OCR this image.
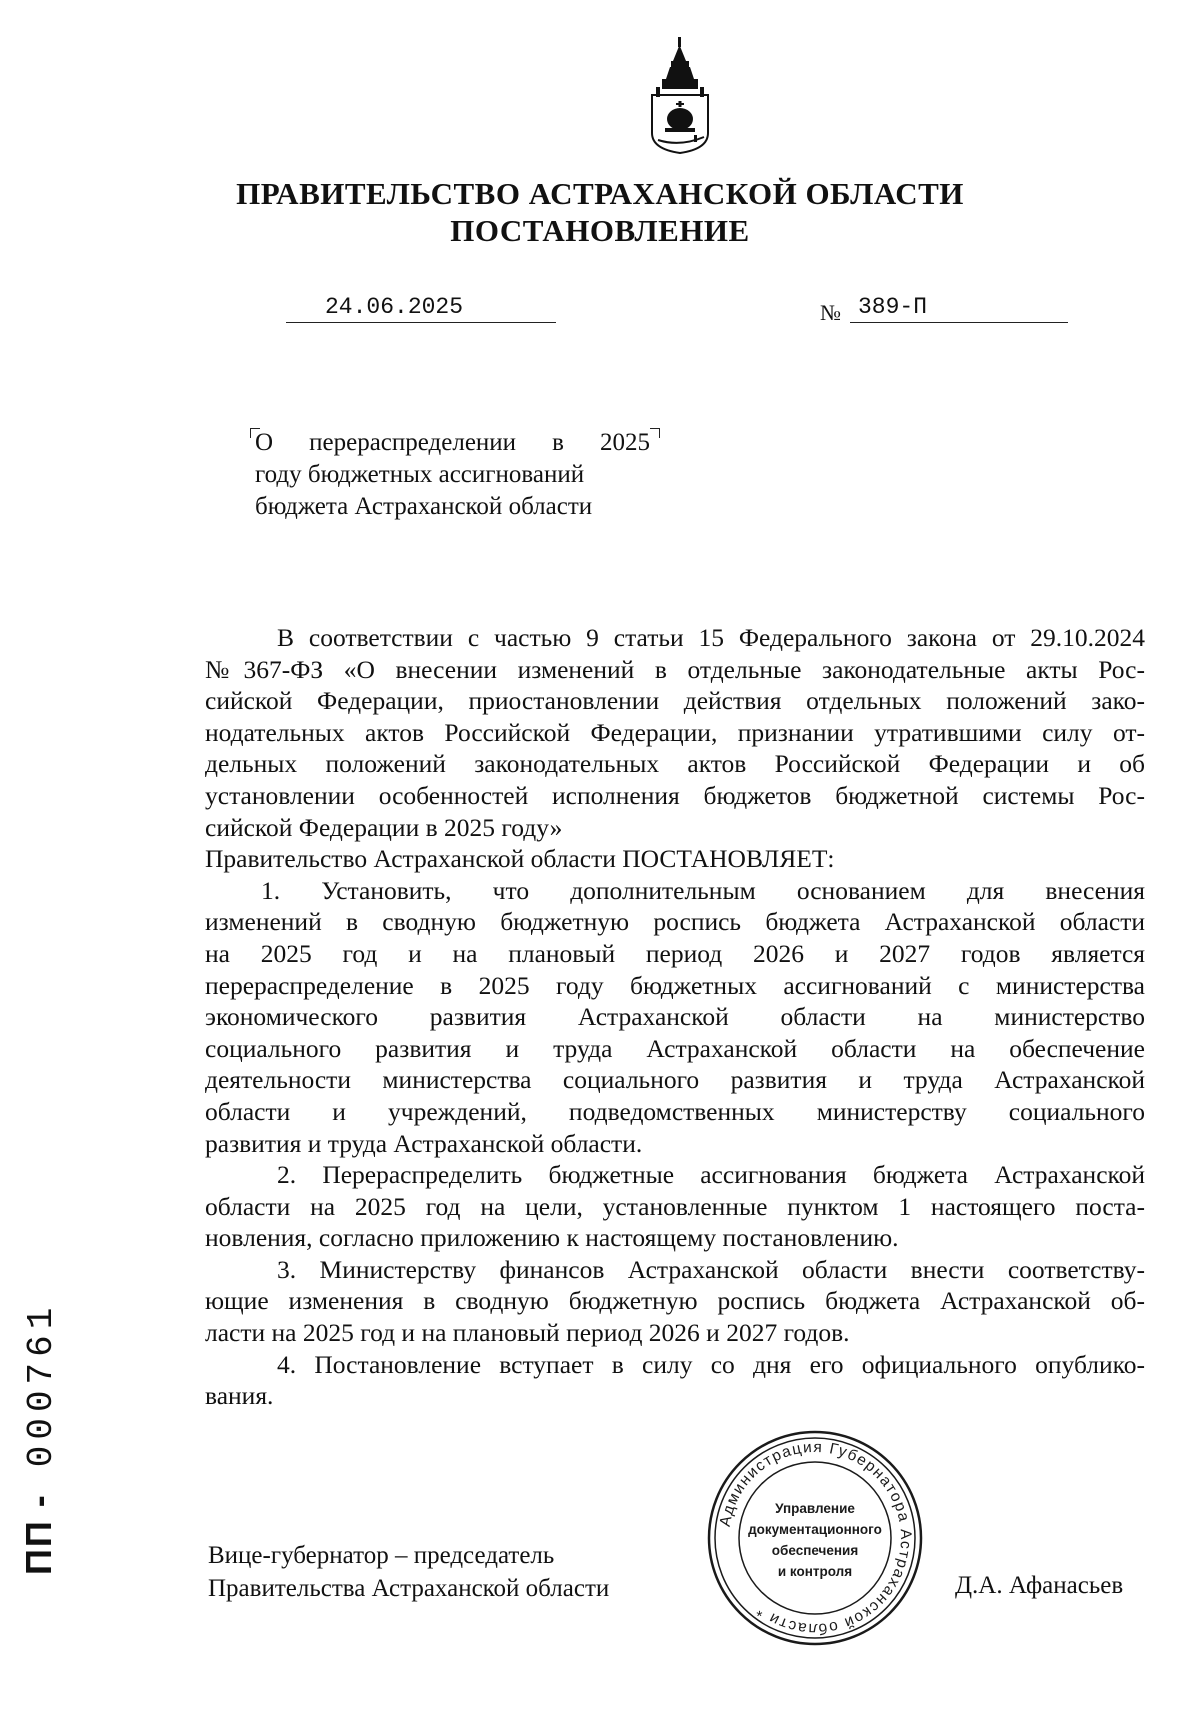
ПРАВИТЕЛЬСТВО АСТРАХАНСКОЙ ОБЛАСТИ
ПОСТАНОВЛЕНИЕ
24.06.2025	№ 389-П
О перераспределении в 2025
году бюджетных ассигнований
бюджета Астраханской области
В соответствии с частью 9 статьи 15 Федерального закона от 29.10.2024
№367-ФЗ «О внесении изменений в отдельные законодательные акты Рос-
сийской Федерации, приостановлении действия отдельных положений зако-
нодательных актов Российской Федерации, признании утратившими силу от-
дельных положений законодательных актов Российской Федерации и об
установлении особенностей исполнения бюджетов бюджетной системы Рос-
сийской Федерации в 2025 году»
Правительство Астраханской области ПОСТАНОВЛЯЕТ:
1. Установить, что дополнительным основанием для внесения
изменений в сводную бюджетную роспись бюджета Астраханской области
на 2025 год и на плановый период 2026 и 2027 годов является
перераспределение в 2025 году бюджетных ассигнований с министерства
экономического развития Астраханской области на министерство
социального развития и труда Астраханской области на обеспечение
деятельности министерства социального развития и труда Астраханской
области и учреждений, подведомственных министерству социального
развития и труда Астраханской области.
2. Перераспределить бюджетные ассигнования бюджета Астраханской
области на 2025 год на цели, установленные пунктом 1 настоящего поста-
новления, согласно приложению к настоящему постановлению.
3. Министерству финансов Астраханской области внести соответству-
ющие изменения в сводную бюджетную роспись бюджета Астраханской об-
ласти на 2025 год и на плановый период 2026 и 2027 годов.
4. Постановление вступает в силу со дня его официального опублико-
вания.
Вице-губернатор – председатель
Правительства Астраханской области	Д.А. Афанасьев
Администрация Губернатора Астраханской области *
Управление
документационного
обеспечения
и контроля
ПП -000761
